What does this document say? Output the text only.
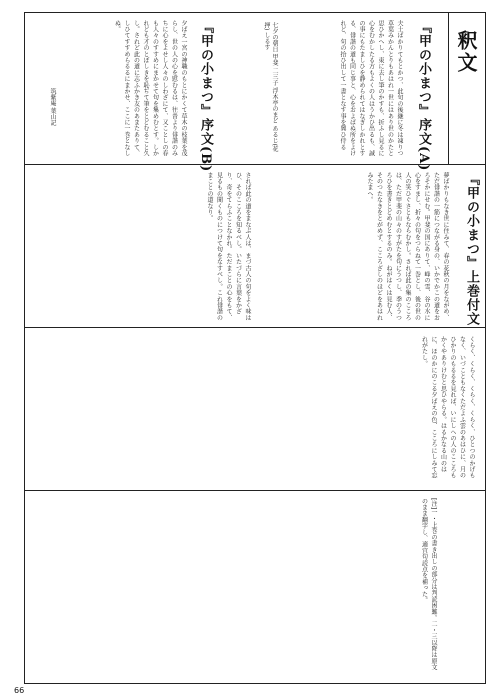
釈文
『甲の小まつ』序文(A)
夫土ばかりてもとかつ、此句の後継に冬は凍りつ草葉みかんとりもあはれ一世にはあり世のかたと思ひかへし、東に去し筆のかすも、折ふし見るに心をむかしたる方もよくの人はうかひ出るも、誠の事にもたましひを静められてはなぎしかれとする、俳諧の道も同じ事と、心をおよばぬ所をよけれど、句の拾ひ出して一書となす事を冀ひ侍る
七夕の朝日 甲斐 二三子 浮木亭のまど あるじ(花押) しるす
『甲の小まつ』序文(B)
夕ばえ一宮の神職のもとにかくて草木の枝葉を茂らし、世の人の心を慰むるは、往昔より俳諧のみちに心をよせし人々のしわざにて、又ことしの春も人々のすすめにまかせて句を集めむとす。しかれども才のとぼしきを恥ぢて筆をとどむること久し。されど此の道に志ふかき友のあまたありて、しひてすすめらるるにまかせ、ここに一巻となしぬ。
筑紫庵 葉山記
『甲の小まつ』上巻付文
夢ばかりもなき世に住みて、春の花秋の月をながめ、ただ俳諧の一筋につながる身の、いかでかこの道をおろそかにせむ。甲斐の国にありて、峰の雪、谷の水に心をすまし、折々の句をつらねて一巻とし、後の世の人の笑ひぐさともならむかし。されば此の集のこころは、ただ甲斐の山々のすがたを句にうつし、季のうつろひを書きとどめむとするのみ。ねがはくは見む人、そのつたなきをとがめず、こころざしのほどをあはれみたまへ。
されば此の道をまなぶ人は、まづ古人の句をよく味はひ、そのこころを知るべし。いたづらに言葉をかざり、奇をてらふことなかれ。ただまことの心をもて、見るもの聞くものにつけて句をなすべし。これ俳諧のまことの道なり。
くらく、くらく、くらく、くらく、ひとつのかげもなく、いづこともなくただよふ雲のあはひに、月のひかりのもるるを見れば、いにしへの人のこころもかくやありけむと思ひやらる。はるかなる山のはに、ほのかにのこる夕ばえの色、こころにしみて忘れがたし。
[注]一・上巻の書き出しの部分は判読困難。二・三以降は原文のまま翻字し、適宜句読点を補った。
66
